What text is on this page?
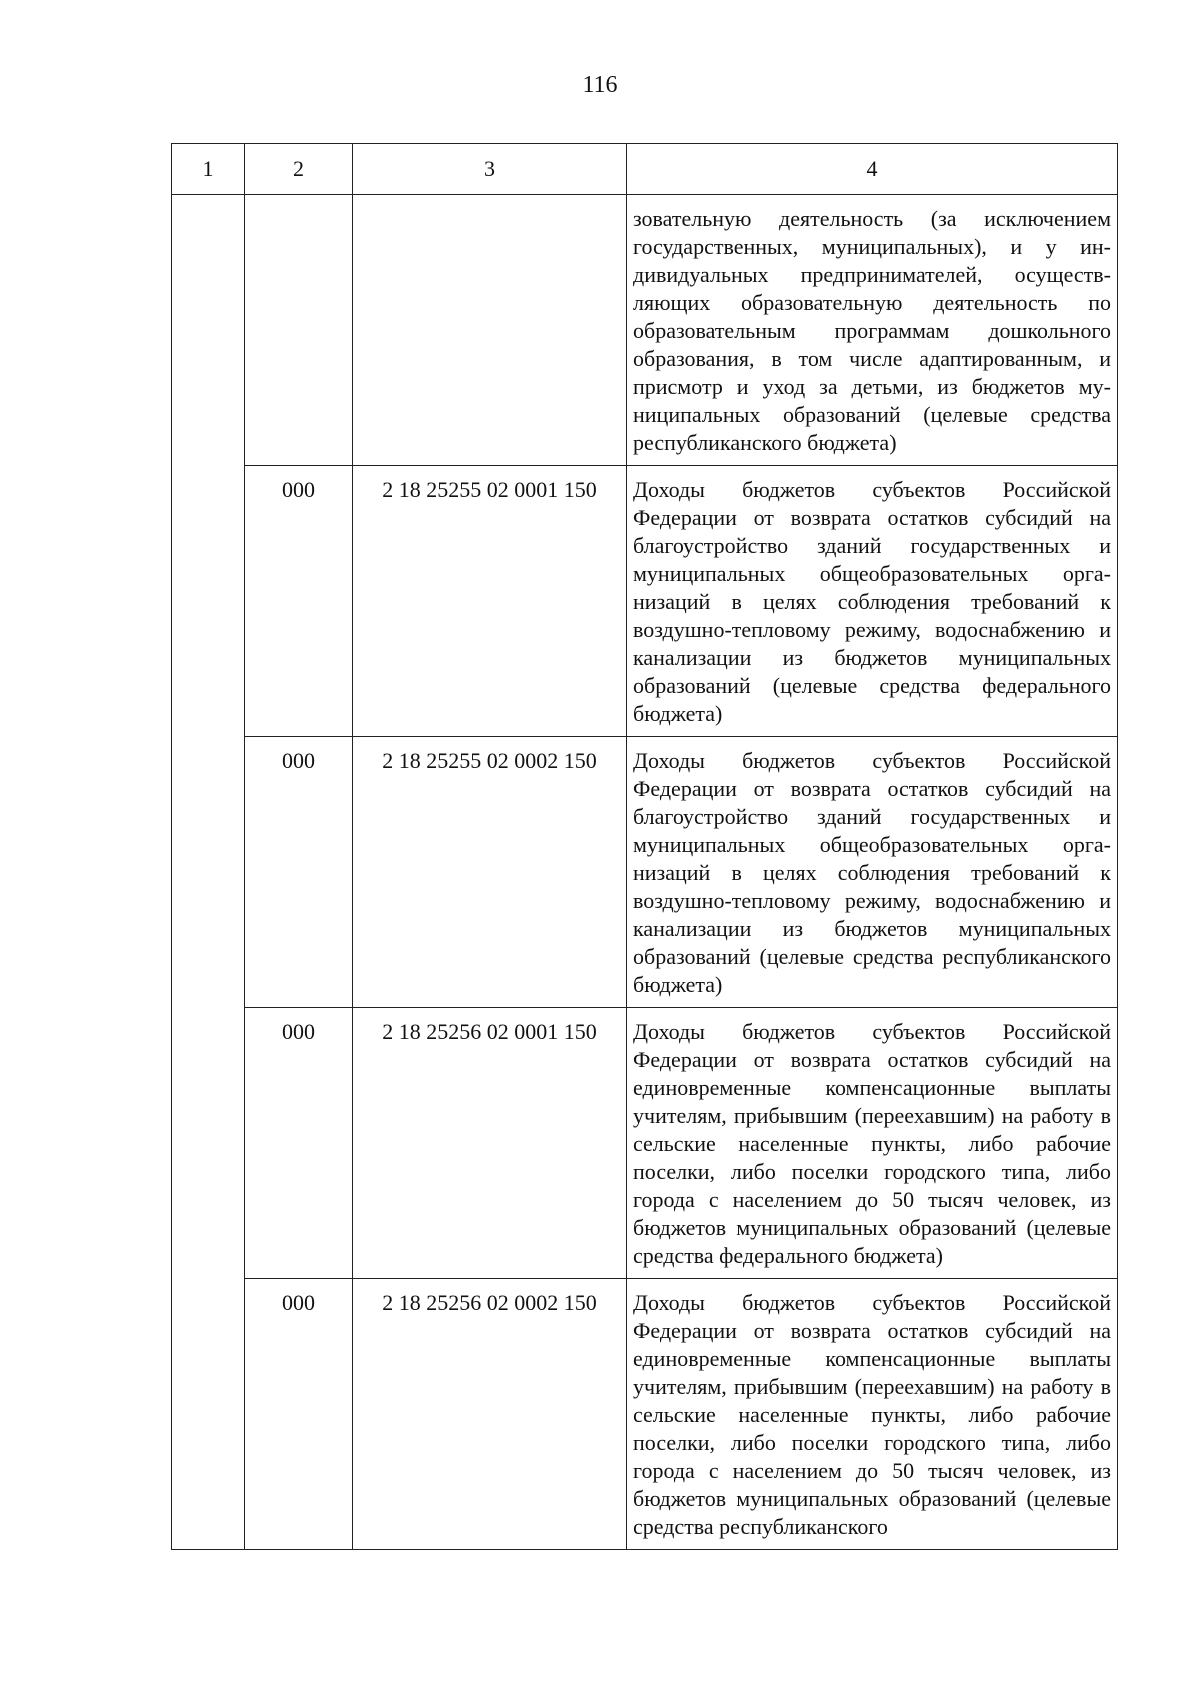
116
1	2	3	4
			зовательную деятельность (за исключением государственных, муниципальных), и у индивидуальных предпринимателей, осуществляющих образовательную деятельность по образовательным программам дошкольного образования, в том числе адаптированным, и присмотр и уход за детьми, из бюджетов муниципальных образований (целевые средства республиканского бюджета)
	000	2 18 25255 02 0001 150	Доходы бюджетов субъектов Российской Федерации от возврата остатков субсидий на благоустройство зданий государственных и муниципальных общеобразовательных организаций в целях соблюдения требований к воздушно-тепловому режиму, водоснабжению и канализации из бюджетов муниципальных образований (целевые средства федерального бюджета)
	000	2 18 25255 02 0002 150	Доходы бюджетов субъектов Российской Федерации от возврата остатков субсидий на благоустройство зданий государственных и муниципальных общеобразовательных организаций в целях соблюдения требований к воздушно-тепловому режиму, водоснабжению и канализации из бюджетов муниципальных образований (целевые средства республиканского бюджета)
	000	2 18 25256 02 0001 150	Доходы бюджетов субъектов Российской Федерации от возврата остатков субсидий на единовременные компенсационные выплаты учителям, прибывшим (переехавшим) на работу в сельские населенные пункты, либо рабочие поселки, либо поселки городского типа, либо города с населением до 50 тысяч человек, из бюджетов муниципальных образований (целевые средства федерального бюджета)
	000	2 18 25256 02 0002 150	Доходы бюджетов субъектов Российской Федерации от возврата остатков субсидий на единовременные компенсационные выплаты учителям, прибывшим (переехавшим) на работу в сельские населенные пункты, либо рабочие поселки, либо поселки городского типа, либо города с населением до 50 тысяч человек, из бюджетов муниципальных образований (целевые средства республиканского
